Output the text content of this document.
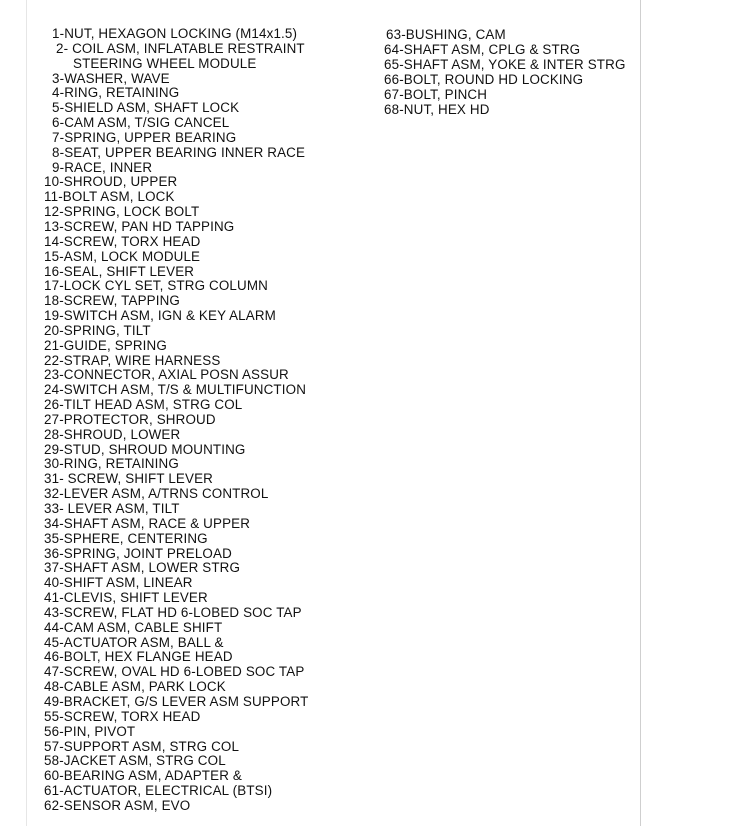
1-NUT, HEXAGON LOCKING (M14x1.5)
2- COIL ASM, INFLATABLE RESTRAINT
STEERING WHEEL MODULE
3-WASHER, WAVE
4-RING, RETAINING
5-SHIELD ASM, SHAFT LOCK
6-CAM ASM, T/SIG CANCEL
7-SPRING, UPPER BEARING
8-SEAT, UPPER BEARING INNER RACE
9-RACE, INNER
10-SHROUD, UPPER
11-BOLT ASM, LOCK
12-SPRING, LOCK BOLT
13-SCREW, PAN HD TAPPING
14-SCREW, TORX HEAD
15-ASM, LOCK MODULE
16-SEAL, SHIFT LEVER
17-LOCK CYL SET, STRG COLUMN
18-SCREW, TAPPING
19-SWITCH ASM, IGN & KEY ALARM
20-SPRING, TILT
21-GUIDE, SPRING
22-STRAP, WIRE HARNESS
23-CONNECTOR, AXIAL POSN ASSUR
24-SWITCH ASM, T/S & MULTIFUNCTION
26-TILT HEAD ASM, STRG COL
27-PROTECTOR, SHROUD
28-SHROUD, LOWER
29-STUD, SHROUD MOUNTING
30-RING, RETAINING
31- SCREW, SHIFT LEVER
32-LEVER ASM, A/TRNS CONTROL
33- LEVER ASM, TILT
34-SHAFT ASM, RACE & UPPER
35-SPHERE, CENTERING
36-SPRING, JOINT PRELOAD
37-SHAFT ASM, LOWER STRG
40-SHIFT ASM, LINEAR
41-CLEVIS, SHIFT LEVER
43-SCREW, FLAT HD 6-LOBED SOC TAP
44-CAM ASM, CABLE SHIFT
45-ACTUATOR ASM, BALL &
46-BOLT, HEX FLANGE HEAD
47-SCREW, OVAL HD 6-LOBED SOC TAP
48-CABLE ASM, PARK LOCK
49-BRACKET, G/S LEVER ASM SUPPORT
55-SCREW, TORX HEAD
56-PIN, PIVOT
57-SUPPORT ASM, STRG COL
58-JACKET ASM, STRG COL
60-BEARING ASM, ADAPTER &
61-ACTUATOR, ELECTRICAL (BTSI)
62-SENSOR ASM, EVO
63-BUSHING, CAM
64-SHAFT ASM, CPLG & STRG
65-SHAFT ASM, YOKE & INTER STRG
66-BOLT, ROUND HD LOCKING
67-BOLT, PINCH
68-NUT, HEX HD
